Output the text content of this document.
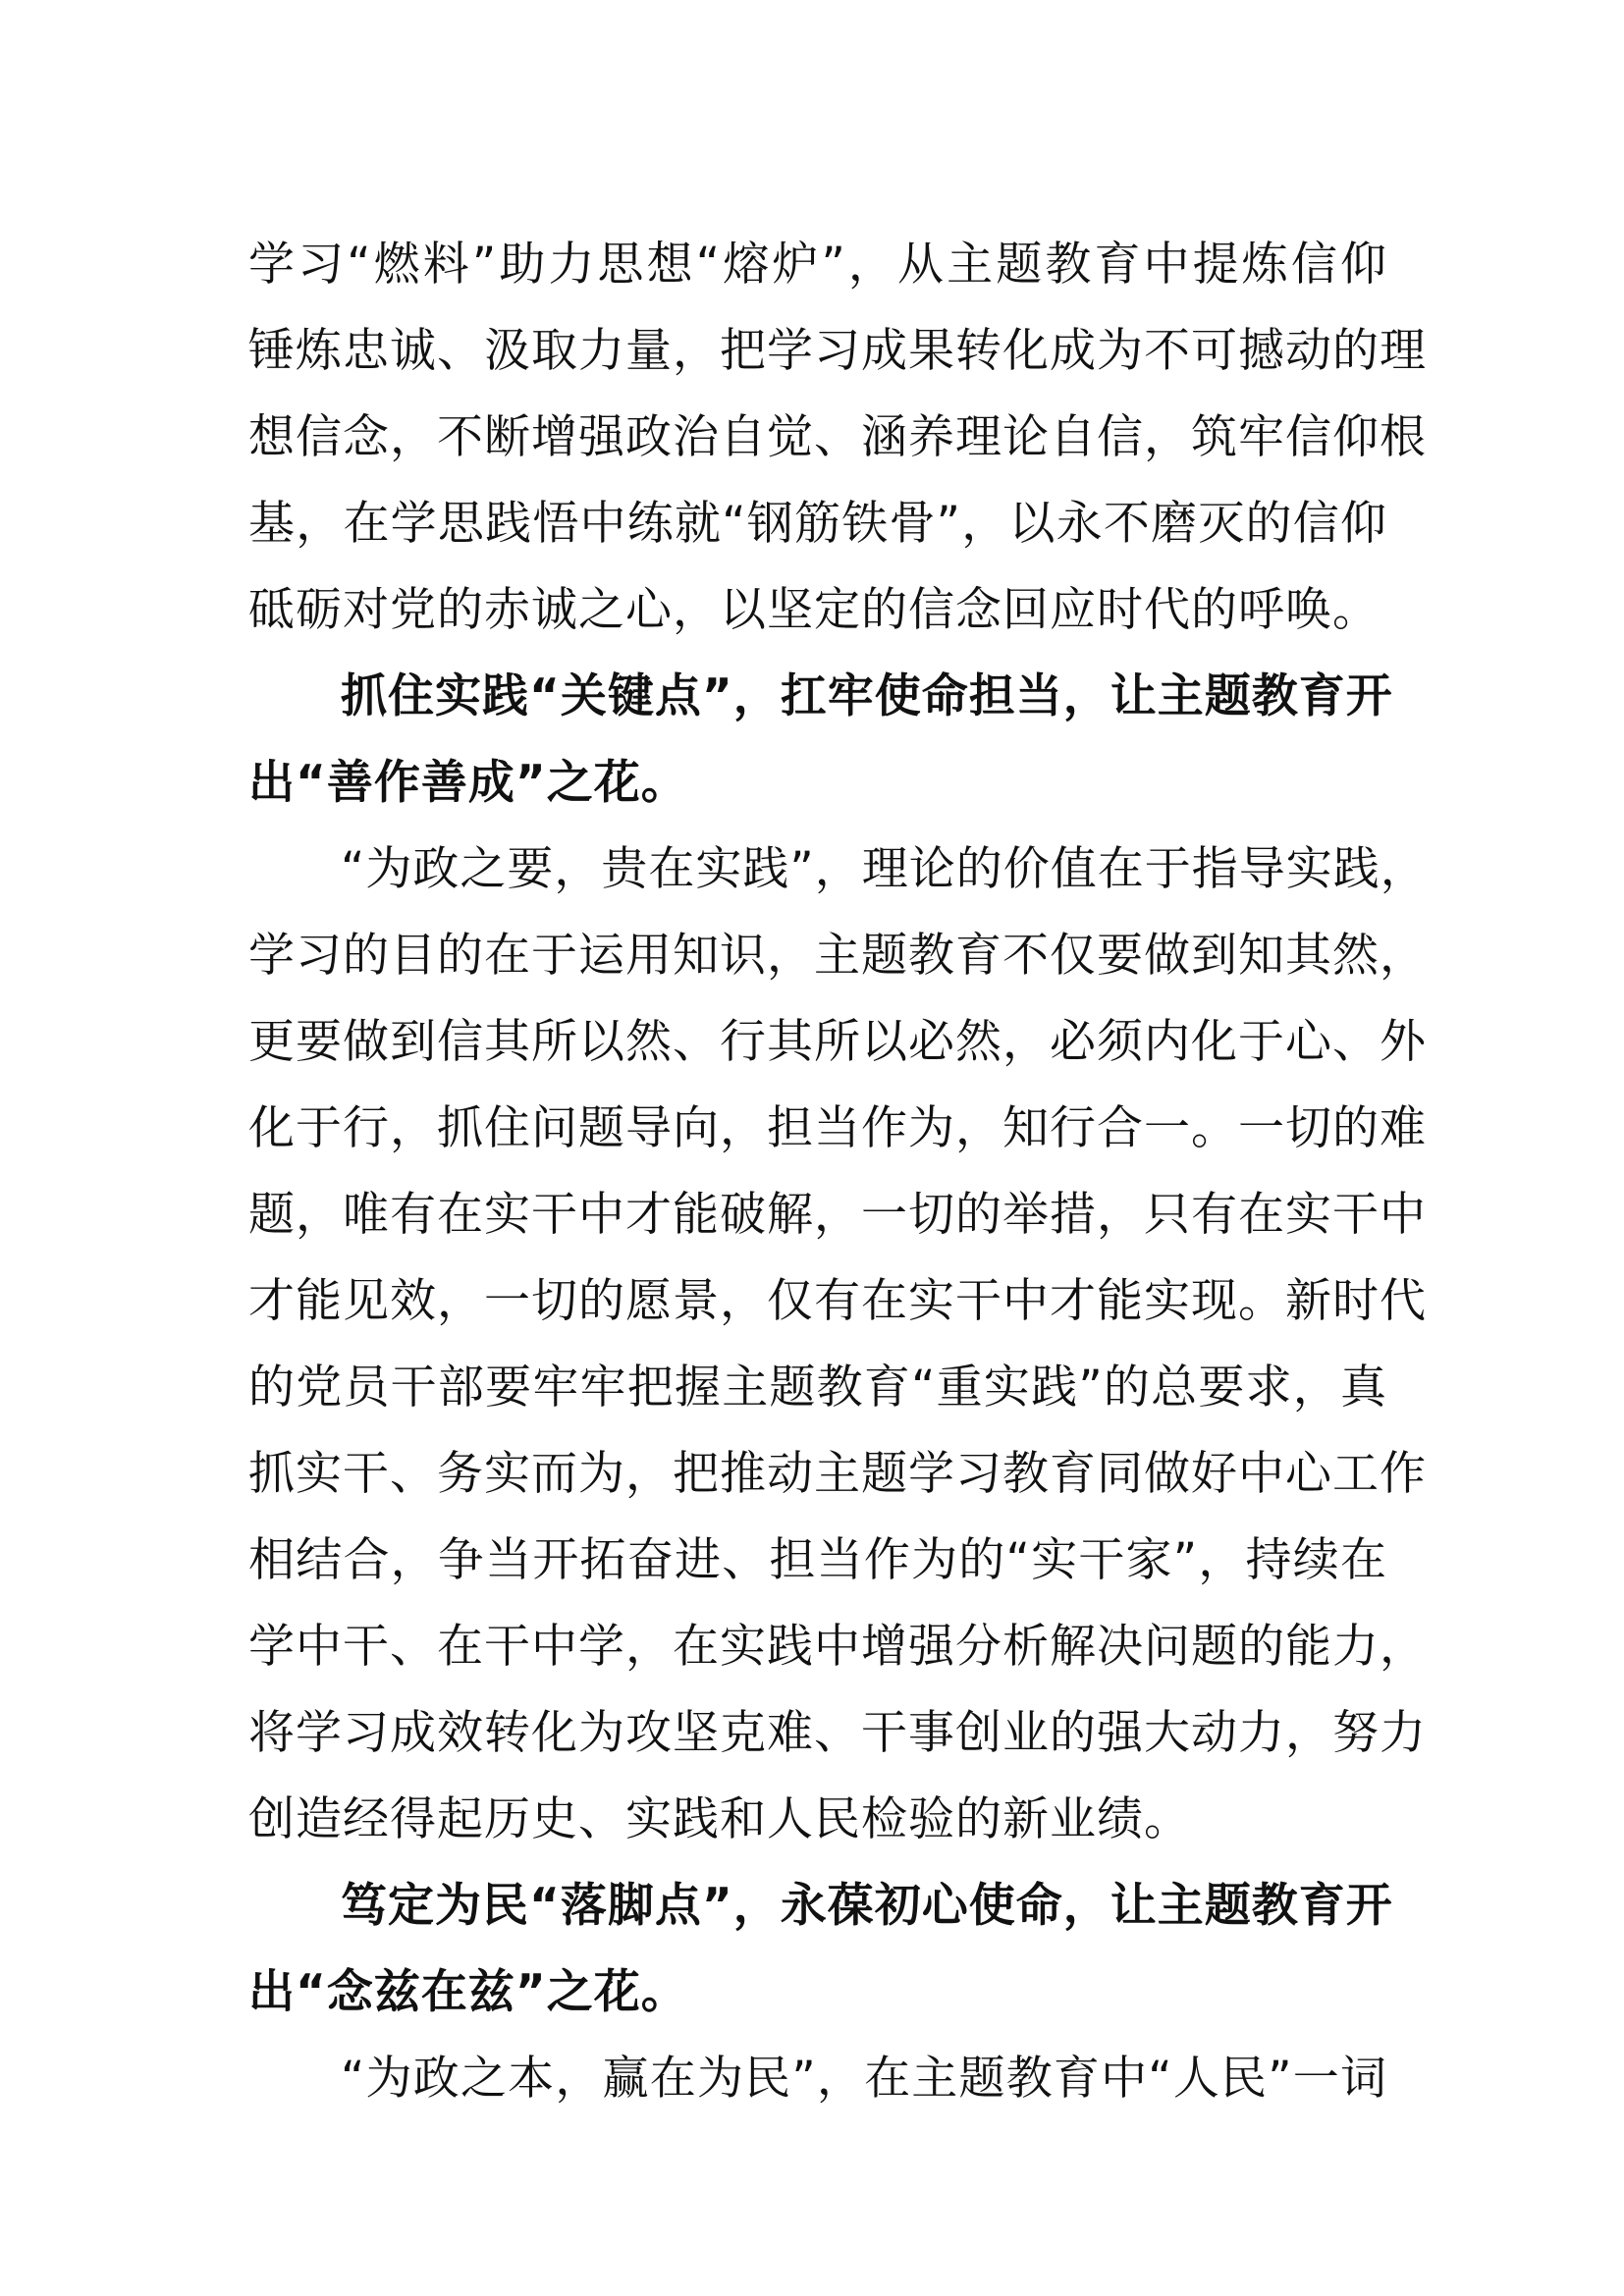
学习“燃料”助力思想“熔炉”，从主题教育中提炼信仰
锤炼忠诚、汲取力量，把学习成果转化成为不可撼动的理
想信念，不断增强政治自觉、涵养理论自信，筑牢信仰根
基，在学思践悟中练就“钢筋铁骨”，以永不磨灭的信仰
砥砺对党的赤诚之心，以坚定的信念回应时代的呼唤。
抓住实践“关键点”，扛牢使命担当，让主题教育开
出“善作善成”之花。
“为政之要，贵在实践”，理论的价值在于指导实践，
学习的目的在于运用知识，主题教育不仅要做到知其然，
更要做到信其所以然、行其所以必然，必须内化于心、外
化于行，抓住问题导向，担当作为，知行合一。一切的难
题，唯有在实干中才能破解，一切的举措，只有在实干中
才能见效，一切的愿景，仅有在实干中才能实现。新时代
的党员干部要牢牢把握主题教育“重实践”的总要求，真
抓实干、务实而为，把推动主题学习教育同做好中心工作
相结合，争当开拓奋进、担当作为的“实干家”，持续在
学中干、在干中学，在实践中增强分析解决问题的能力，
将学习成效转化为攻坚克难、干事创业的强大动力，努力
创造经得起历史、实践和人民检验的新业绩。
笃定为民“落脚点”，永葆初心使命，让主题教育开
出“念兹在兹”之花。
“为政之本，赢在为民”，在主题教育中“人民”一词
